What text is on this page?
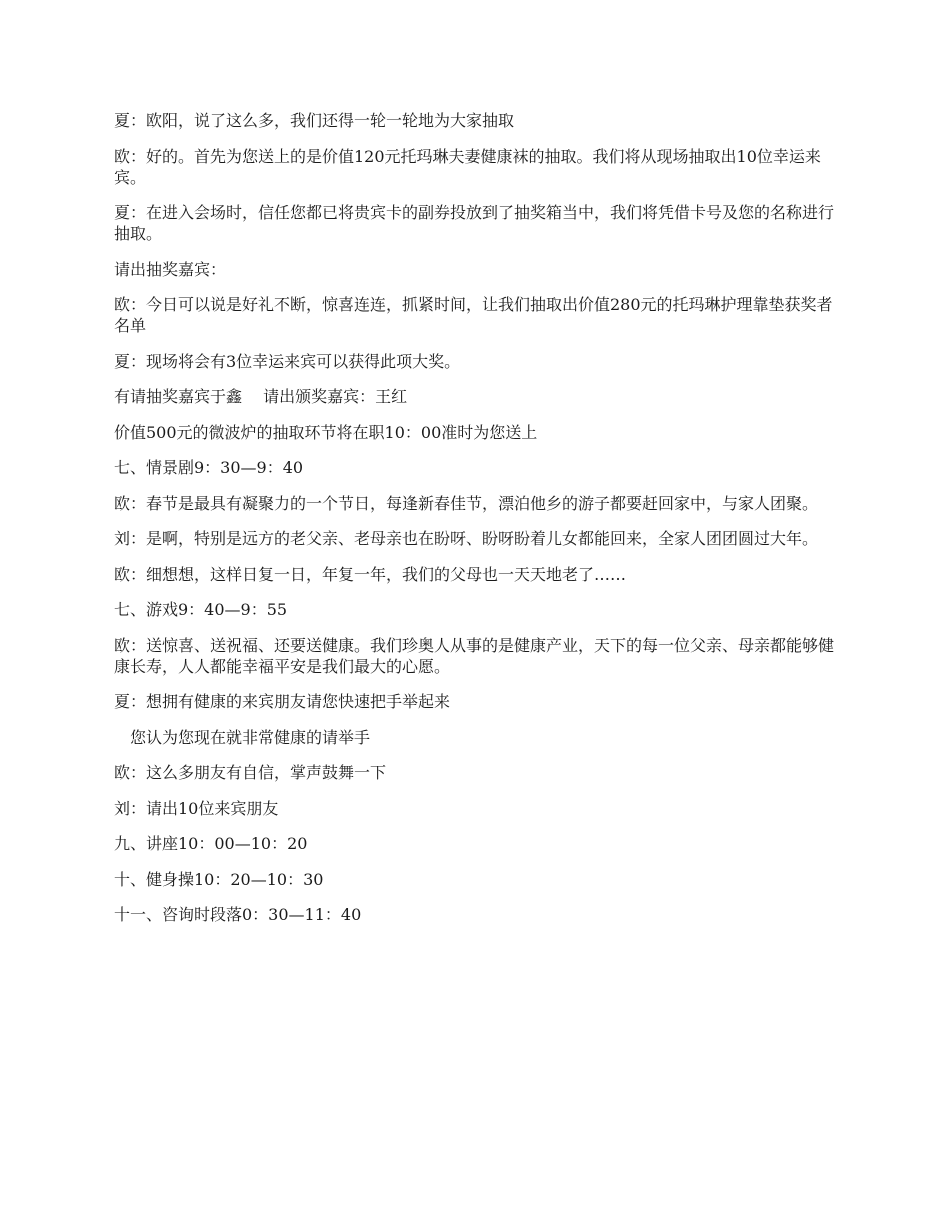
夏：欧阳，说了这么多，我们还得一轮一轮地为大家抽取

欧：好的。首先为您送上的是价值120元托玛琳夫妻健康袜的抽取。我们将从现场抽取出10位幸运来宾。

夏：在进入会场时，信任您都已将贵宾卡的副券投放到了抽奖箱当中，我们将凭借卡号及您的名称进行抽取。

请出抽奖嘉宾：

欧：今日可以说是好礼不断，惊喜连连，抓紧时间，让我们抽取出价值280元的托玛琳护理靠垫获奖者名单

夏：现场将会有3位幸运来宾可以获得此项大奖。

有请抽奖嘉宾于鑫　 请出颁奖嘉宾：王红

价值500元的微波炉的抽取环节将在职10：00准时为您送上

七、情景剧9：30—9：40

欧：春节是最具有凝聚力的一个节日，每逢新春佳节，漂泊他乡的游子都要赶回家中，与家人团聚。

刘：是啊，特别是远方的老父亲、老母亲也在盼呀、盼呀盼着儿女都能回来，全家人团团圆过大年。

欧：细想想，这样日复一日，年复一年，我们的父母也一天天地老了……

七、游戏9：40—9：55

欧：送惊喜、送祝福、还要送健康。我们珍奥人从事的是健康产业，天下的每一位父亲、母亲都能够健康长寿，人人都能幸福平安是我们最大的心愿。

夏：想拥有健康的来宾朋友请您快速把手举起来

　您认为您现在就非常健康的请举手

欧：这么多朋友有自信，掌声鼓舞一下

刘：请出10位来宾朋友

九、讲座10：00—10：20

十、健身操10：20—10：30

十一、咨询时段落0：30—11：40
